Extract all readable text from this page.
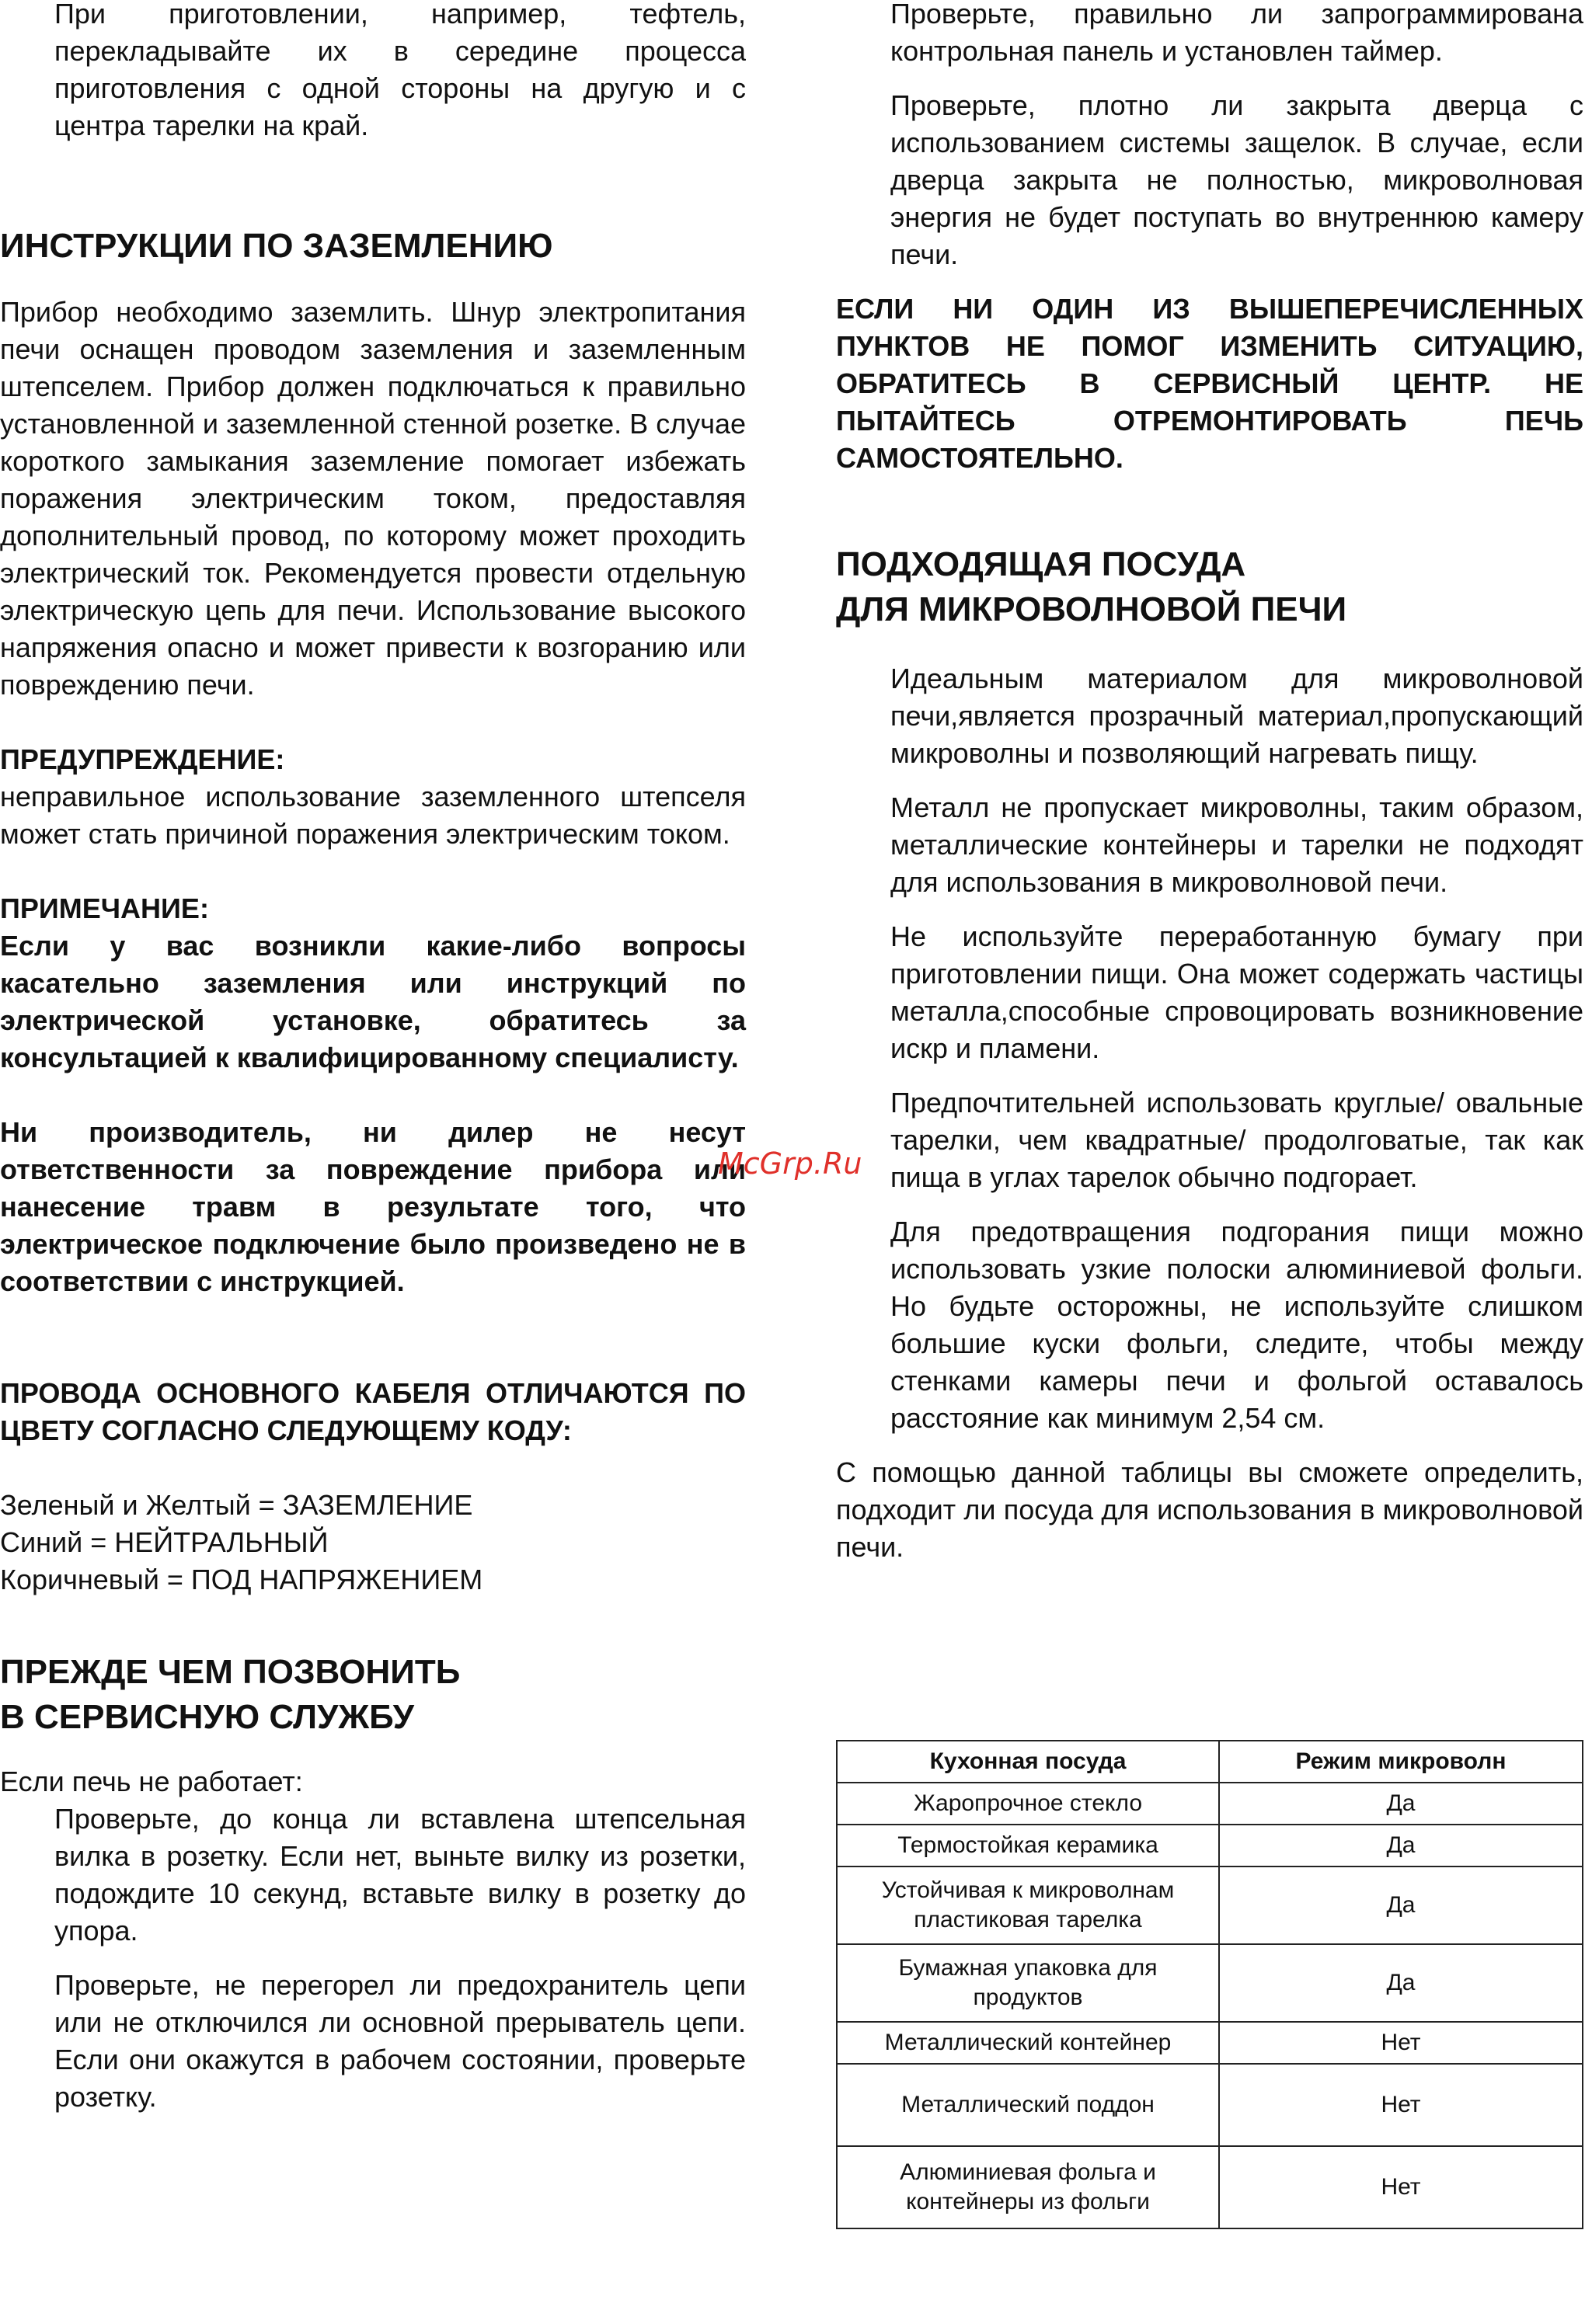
При приготовлении, например, тефтель, перекладывайте их в середине процесса приготовления с одной стороны на другую и с центра тарелки на край.

ИНСТРУКЦИИ ПО ЗАЗЕМЛЕНИЮ

Прибор необходимо заземлить. Шнур электропитания печи оснащен проводом заземления и заземленным штепселем. Прибор должен подключаться к правильно установленной и заземленной стенной розетке. В случае короткого замыкания заземление помогает избежать поражения электрическим током, предоставляя дополнительный провод, по которому может проходить электрический ток. Рекомендуется провести отдельную электрическую цепь для печи. Использование высокого напряжения опасно и может привести к возгоранию или повреждению печи.

ПРЕДУПРЕЖДЕНИЕ:

неправильное использование заземленного штепселя может стать причиной поражения электрическим током.

ПРИМЕЧАНИЕ:

Если у вас возникли какие-либо вопросы касательно заземления или инструкций по электрической установке, обратитесь за консультацией к квалифицированному специалисту.

Ни производитель, ни дилер не несут ответственности за повреждение прибора или нанесение травм в результате того, что электрическое подключение было произведено не в соответствии с инструкцией.

ПРОВОДА ОСНОВНОГО КАБЕЛЯ ОТЛИЧАЮТСЯ ПО ЦВЕТУ СОГЛАСНО СЛЕДУЮЩЕМУ КОДУ:

Зеленый и Желтый = ЗАЗЕМЛЕНИЕ
Синий = НЕЙТРАЛЬНЫЙ
Коричневый = ПОД НАПРЯЖЕНИЕМ
ПРЕЖДЕ ЧЕМ ПОЗВОНИТЬ
В СЕРВИСНУЮ СЛУЖБУ
Если печь не работает:

Проверьте, до конца ли вставлена штепсельная вилка в розетку. Если нет, выньте вилку из розетки, подождите 10 секунд, вставьте вилку в розетку до упора.

Проверьте, не перегорел ли предохранитель цепи или не отключился ли основной прерыватель цепи. Если они окажутся в рабочем состоянии, проверьте розетку.

Проверьте, правильно ли запрограммирована контрольная панель и установлен таймер.

Проверьте, плотно ли закрыта дверца с использованием системы защелок. В случае, если дверца закрыта не полностью, микроволновая энергия не будет поступать во внутреннюю камеру печи.

ЕСЛИ НИ ОДИН ИЗ ВЫШЕПЕРЕЧИСЛЕННЫХ ПУНКТОВ НЕ ПОМОГ ИЗМЕНИТЬ СИТУАЦИЮ, ОБРАТИТЕСЬ В СЕРВИСНЫЙ ЦЕНТР. НЕ ПЫТАЙТЕСЬ ОТРЕМОНТИРОВАТЬ ПЕЧЬ САМОСТОЯТЕЛЬНО.

ПОДХОДЯЩАЯ ПОСУДА
ДЛЯ МИКРОВОЛНОВОЙ ПЕЧИ

Идеальным материалом для микроволновой печи,является прозрачный материал,пропускающий микроволны и позволяющий нагревать пищу.

Металл не пропускает микроволны, таким образом, металлические контейнеры и тарелки не подходят для использования в микроволновой печи.

Не используйте переработанную бумагу при приготовлении пищи. Она может содержать частицы металла,способные спровоцировать возникновение искр и пламени.

Предпочтительней использовать круглые/ овальные тарелки, чем квадратные/ продолговатые, так как пища в углах тарелок обычно подгорает.

Для предотвращения подгорания пищи можно использовать узкие полоски алюминиевой фольги. Но будьте осторожны, не используйте слишком большие куски фольги, следите, чтобы между стенками камеры печи и фольгой оставалось расстояние как минимум 2,54 см.

С помощью данной таблицы вы сможете определить, подходит ли посуда для использования в микроволновой печи.

Кухонная посуда	Режим микроволн
Жаропрочное стекло	Да
Термостойкая керамика	Да
Устойчивая к микроволнам пластиковая тарелка	Да
Бумажная упаковка для продуктов	Да
Металлический контейнер	Нет
Металлический поддон	Нет
Алюминиевая фольга и контейнеры из фольги	Нет
McGrp.Ru
